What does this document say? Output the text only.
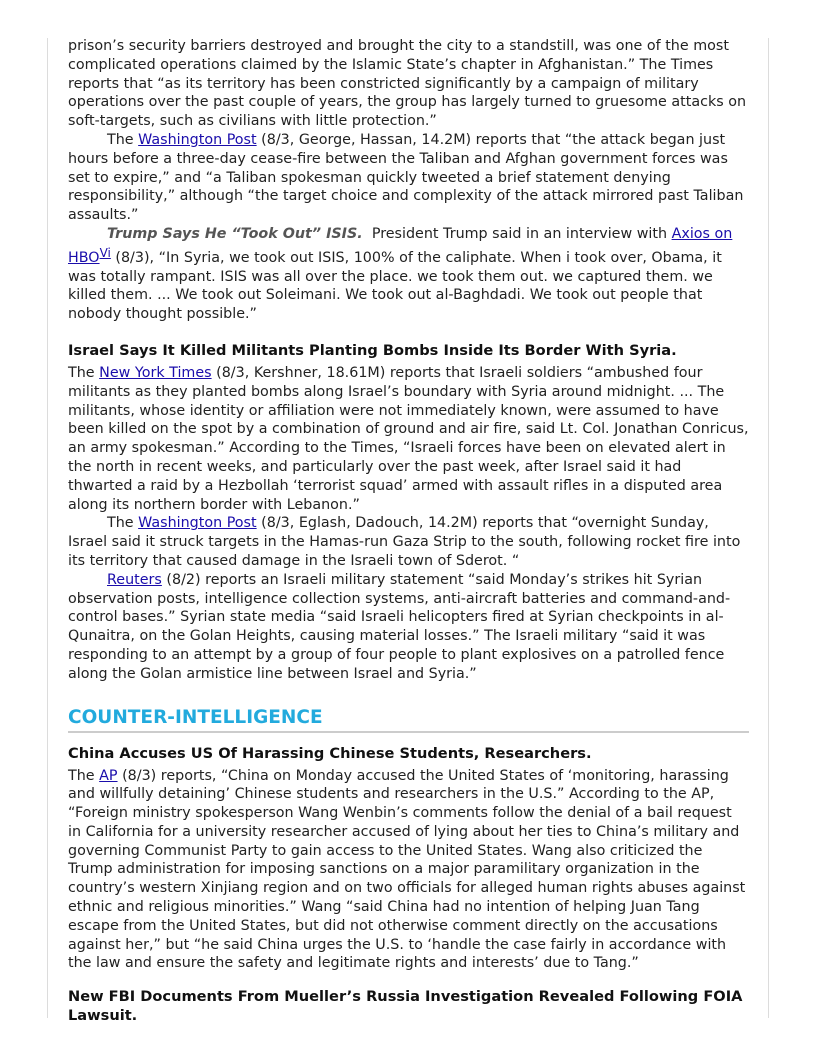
prison’s security barriers destroyed and brought the city to a standstill, was one of the most complicated operations claimed by the Islamic State’s chapter in Afghanistan.” The Times reports that “as its territory has been constricted significantly by a campaign of military operations over the past couple of years, the group has largely turned to gruesome attacks on soft-targets, such as civilians with little protection.”

The Washington Post (8/3, George, Hassan, 14.2M) reports that “the attack began just hours before a three-day cease-fire between the Taliban and Afghan government forces was set to expire,” and “a Taliban spokesman quickly tweeted a brief statement denying responsibility,” although “the target choice and complexity of the attack mirrored past Taliban assaults.”

Trump Says He “Took Out” ISIS.  President Trump said in an interview with Axios on $HBO^{Vi}$ (8/3), “In Syria, we took out ISIS, 100% of the caliphate. When i took over, Obama, it was totally rampant. ISIS was all over the place. we took them out. we captured them. we killed them. ... We took out Soleimani. We took out al-Baghdadi. We took out people that nobody thought possible.”

Israel Says It Killed Militants Planting Bombs Inside Its Border With Syria.

The New York Times (8/3, Kershner, 18.61M) reports that Israeli soldiers “ambushed four militants as they planted bombs along Israel’s boundary with Syria around midnight. ... The militants, whose identity or affiliation were not immediately known, were assumed to have been killed on the spot by a combination of ground and air fire, said Lt. Col. Jonathan Conricus, an army spokesman.” According to the Times, “Israeli forces have been on elevated alert in the north in recent weeks, and particularly over the past week, after Israel said it had thwarted a raid by a Hezbollah ‘terrorist squad’ armed with assault rifles in a disputed area along its northern border with Lebanon.”

The Washington Post (8/3, Eglash, Dadouch, 14.2M) reports that “overnight Sunday, Israel said it struck targets in the Hamas-run Gaza Strip to the south, following rocket fire into its territory that caused damage in the Israeli town of Sderot. “

Reuters (8/2) reports an Israeli military statement “said Monday’s strikes hit Syrian observation posts, intelligence collection systems, anti-aircraft batteries and command-and-control bases.” Syrian state media “said Israeli helicopters fired at Syrian checkpoints in al-Qunaitra, on the Golan Heights, causing material losses.” The Israeli military “said it was responding to an attempt by a group of four people to plant explosives on a patrolled fence along the Golan armistice line between Israel and Syria.”

COUNTER-INTELLIGENCE
China Accuses US Of Harassing Chinese Students, Researchers.

The AP (8/3) reports, “China on Monday accused the United States of ‘monitoring, harassing and willfully detaining’ Chinese students and researchers in the U.S.” According to the AP, “Foreign ministry spokesperson Wang Wenbin’s comments follow the denial of a bail request in California for a university researcher accused of lying about her ties to China’s military and governing Communist Party to gain access to the United States. Wang also criticized the Trump administration for imposing sanctions on a major paramilitary organization in the country’s western Xinjiang region and on two officials for alleged human rights abuses against ethnic and religious minorities.” Wang “said China had no intention of helping Juan Tang escape from the United States, but did not otherwise comment directly on the accusations against her,” but “he said China urges the U.S. to ‘handle the case fairly in accordance with the law and ensure the safety and legitimate rights and interests’ due to Tang.”

New FBI Documents From Mueller’s Russia Investigation Revealed Following FOIA Lawsuit.
